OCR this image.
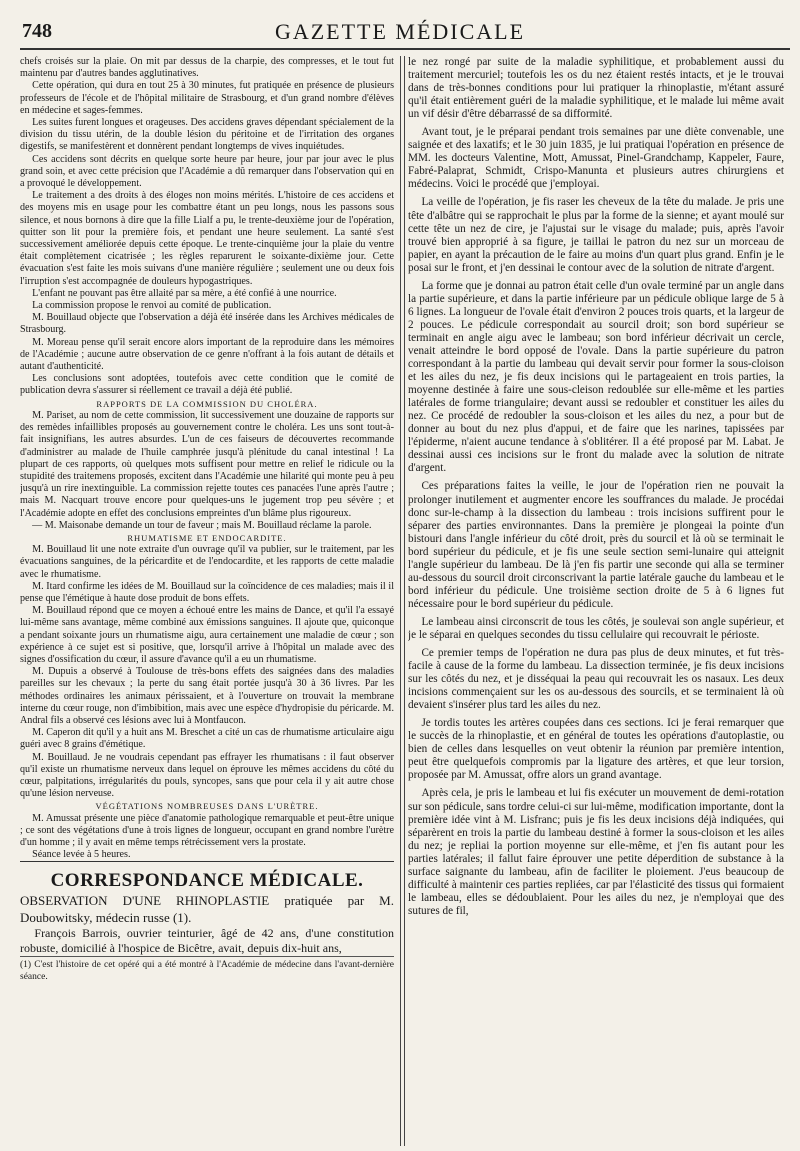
748	GAZETTE MÉDICALE

chefs croisés sur la plaie. On mit par dessus de la charpie, des compresses, et le tout fut maintenu par d'autres bandes agglutinatives.

Cette opération, qui dura en tout 25 à 30 minutes, fut pratiquée en présence de plusieurs professeurs de l'école et de l'hôpital militaire de Strasbourg, et d'un grand nombre d'élèves en médecine et sages-femmes.

Les suites furent longues et orageuses. Des accidens graves dépendant spécialement de la division du tissu utérin, de la double lésion du péritoine et de l'irritation des organes digestifs, se manifestèrent et donnèrent pendant longtemps de vives inquiétudes.

Ces accidens sont décrits en quelque sorte heure par heure, jour par jour avec le plus grand soin, et avec cette précision que l'Académie a dû remarquer dans l'observation qui en a provoqué le développement.

Le traitement a des droits à des éloges non moins mérités. L'histoire de ces accidens et des moyens mis en usage pour les combattre étant un peu longs, nous les passons sous silence, et nous bornons à dire que la fille Lialf a pu, le trente-deuxième jour de l'opération, quitter son lit pour la première fois, et pendant une heure seulement. La santé s'est successivement améliorée depuis cette époque. Le trente-cinquième jour la plaie du ventre était complètement cicatrisée ; les règles reparurent le soixante-dixième jour. Cette évacuation s'est faite les mois suivans d'une manière régulière ; seulement une ou deux fois l'irruption s'est accompagnée de douleurs hypogastriques.

L'enfant ne pouvant pas être allaité par sa mère, a été confié à une nourrice.

La commission propose le renvoi au comité de publication.

M. Bouillaud objecte que l'observation a déjà été insérée dans les Archives médicales de Strasbourg.

M. Moreau pense qu'il serait encore alors important de la reproduire dans les mémoires de l'Académie ; aucune autre observation de ce genre n'offrant à la fois autant de détails et autant d'authenticité.

Les conclusions sont adoptées, toutefois avec cette condition que le comité de publication devra s'assurer si réellement ce travail a déjà été publié.

RAPPORTS DE LA COMMISSION DU CHOLÉRA.

M. Pariset, au nom de cette commission, lit successivement une douzaine de rapports sur des remèdes infaillibles proposés au gouvernement contre le choléra. Les uns sont tout-à-fait insignifians, les autres absurdes. L'un de ces faiseurs de découvertes recommande d'administrer au malade de l'huile camphrée jusqu'à plénitude du canal intestinal ! La plupart de ces rapports, où quelques mots suffisent pour mettre en relief le ridicule ou la stupidité des traitemens proposés, excitent dans l'Académie une hilarité qui monte peu à peu jusqu'à un rire inextinguible. La commission rejette toutes ces panacées l'une après l'autre ; mais M. Nacquart trouve encore pour quelques-uns le jugement trop peu sévère ; et l'Académie adopte en effet des conclusions empreintes d'un blâme plus rigoureux.

— M. Maisonabe demande un tour de faveur ; mais M. Bouillaud réclame la parole.

RHUMATISME ET ENDOCARDITE.

M. Bouillaud lit une note extraite d'un ouvrage qu'il va publier, sur le traitement, par les évacuations sanguines, de la péricardite et de l'endocardite, et les rapports de cette maladie avec le rhumatisme.

M. Itard confirme les idées de M. Bouillaud sur la coïncidence de ces maladies; mais il il pense que l'émétique à haute dose produit de bons effets.

M. Bouillaud répond que ce moyen a échoué entre les mains de Dance, et qu'il l'a essayé lui-même sans avantage, même combiné aux émissions sanguines. Il ajoute que, quiconque a pendant soixante jours un rhumatisme aigu, aura certainement une maladie de cœur ; son expérience à ce sujet est si positive, que, lorsqu'il arrive à l'hôpital un malade avec des signes d'ossification du cœur, il assure d'avance qu'il a eu un rhumatisme.

M. Dupuis a observé à Toulouse de très-bons effets des saignées dans des maladies pareilles sur les chevaux ; la perte du sang était portée jusqu'à 30 à 36 livres. Par les méthodes ordinaires les animaux périssaient, et à l'ouverture on trouvait la membrane interne du cœur rouge, non d'imbibition, mais avec une espèce d'hydropisie du péricarde. M. Andral fils a observé ces lésions avec lui à Montfaucon.

M. Caperon dit qu'il y a huit ans M. Breschet a cité un cas de rhumatisme articulaire aigu guéri avec 8 grains d'émétique.

M. Bouillaud. Je ne voudrais cependant pas effrayer les rhumatisans : il faut observer qu'il existe un rhumatisme nerveux dans lequel on éprouve les mêmes accidens du côté du cœur, palpitations, irrégularités du pouls, syncopes, sans que pour cela il y ait autre chose qu'une lésion nerveuse.

VÉGÉTATIONS NOMBREUSES DANS L'URÈTRE.

M. Amussat présente une pièce d'anatomie pathologique remarquable et peut-être unique ; ce sont des végétations d'une à trois lignes de longueur, occupant en grand nombre l'urètre d'un homme ; il y avait en même temps rétrécissement vers la prostate.

Séance levée à 5 heures.

CORRESPONDANCE MÉDICALE.

OBSERVATION D'UNE RHINOPLASTIE pratiquée par M. Doubowitsky, médecin russe (1).

François Barrois, ouvrier teinturier, âgé de 42 ans, d'une constitution robuste, domicilié à l'hospice de Bicêtre, avait, depuis dix-huit ans,

(1) C'est l'histoire de cet opéré qui a été montré à l'Académie de médecine dans l'avant-dernière séance.

le nez rongé par suite de la maladie syphilitique, et probablement aussi du traitement mercuriel; toutefois les os du nez étaient restés intacts, et je le trouvai dans de très-bonnes conditions pour lui pratiquer la rhinoplastie, m'étant assuré qu'il était entièrement guéri de la maladie syphilitique, et le malade lui même avait un vif désir d'être débarrassé de sa difformité.

Avant tout, je le préparai pendant trois semaines par une diète convenable, une saignée et des laxatifs; et le 30 juin 1835, je lui pratiquai l'opération en présence de MM. les docteurs Valentine, Mott, Amussat, Pinel-Grandchamp, Kappeler, Faure, Fabré-Palaprat, Schmidt, Crispo-Manunta et plusieurs autres chirurgiens et médecins. Voici le procédé que j'employai.

La veille de l'opération, je fis raser les cheveux de la tête du malade. Je pris une tête d'albâtre qui se rapprochait le plus par la forme de la sienne; et ayant moulé sur cette tête un nez de cire, je l'ajustai sur le visage du malade; puis, après l'avoir trouvé bien approprié à sa figure, je taillai le patron du nez sur un morceau de papier, en ayant la précaution de le faire au moins d'un quart plus grand. Enfin je le posai sur le front, et j'en dessinai le contour avec de la solution de nitrate d'argent.

La forme que je donnai au patron était celle d'un ovale terminé par un angle dans la partie supérieure, et dans la partie inférieure par un pédicule oblique large de 5 à 6 lignes. La longueur de l'ovale était d'environ 2 pouces trois quarts, et la largeur de 2 pouces. Le pédicule correspondait au sourcil droit; son bord supérieur se terminait en angle aigu avec le lambeau; son bord inférieur décrivait un cercle, venait atteindre le bord opposé de l'ovale. Dans la partie supérieure du patron correspondant à la partie du lambeau qui devait servir pour former la sous-cloison et les ailes du nez, je fis deux incisions qui le partageaient en trois parties, la moyenne destinée à faire une sous-cleison redoublée sur elle-même et les parties latérales de forme triangulaire; devant aussi se redoubler et constituer les ailes du nez. Ce procédé de redoubler la sous-cloison et les ailes du nez, a pour but de donner au bout du nez plus d'appui, et de faire que les narines, tapissées par l'épiderme, n'aient aucune tendance à s'oblitérer. Il a été proposé par M. Labat. Je dessinai aussi ces incisions sur le front du malade avec la solution de nitrate d'argent.

Ces préparations faites la veille, le jour de l'opération rien ne pouvait la prolonger inutilement et augmenter encore les souffrances du malade. Je procédai donc sur-le-champ à la dissection du lambeau : trois incisions suffirent pour le séparer des parties environnantes. Dans la première je plongeai la pointe d'un bistouri dans l'angle inférieur du côté droit, près du sourcil et là où se terminait le bord supérieur du pédicule, et je fis une seule section semi-lunaire qui atteignit l'angle supérieur du lambeau. De là j'en fis partir une seconde qui alla se terminer au-dessous du sourcil droit circonscrivant la partie latérale gauche du lambeau et le bord inférieur du pédicule. Une troisième section droite de 5 à 6 lignes fut nécessaire pour le bord supérieur du pédicule.

Le lambeau ainsi circonscrit de tous les côtés, je soulevai son angle supérieur, et je le séparai en quelques secondes du tissu cellulaire qui recouvrait le périoste.

Ce premier temps de l'opération ne dura pas plus de deux minutes, et fut très-facile à cause de la forme du lambeau. La dissection terminée, je fis deux incisions sur les côtés du nez, et je disséquai la peau qui recouvrait les os nasaux. Les deux incisions commençaient sur les os au-dessous des sourcils, et se terminaient là où devaient s'insérer plus tard les ailes du nez.

Je tordis toutes les artères coupées dans ces sections. Ici je ferai remarquer que le succès de la rhinoplastie, et en général de toutes les opérations d'autoplastie, ou bien de celles dans lesquelles on veut obtenir la réunion par première intention, peut être quelquefois compromis par la ligature des artères, et que leur torsion, proposée par M. Amussat, offre alors un grand avantage.

Après cela, je pris le lambeau et lui fis exécuter un mouvement de demi-rotation sur son pédicule, sans tordre celui-ci sur lui-même, modification importante, dont la première idée vint à M. Lisfranc; puis je fis les deux incisions déjà indiquées, qui séparèrent en trois la partie du lambeau destiné à former la sous-cloison et les ailes du nez; je repliai la portion moyenne sur elle-même, et j'en fis autant pour les parties latérales; il fallut faire éprouver une petite déperdition de substance à la surface saignante du lambeau, afin de faciliter le ploiement. J'eus beaucoup de difficulté à maintenir ces parties repliées, car par l'élasticité des tissus qui formaient le lambeau, elles se dédoublaient. Pour les ailes du nez, je n'employai que des sutures de fil,
